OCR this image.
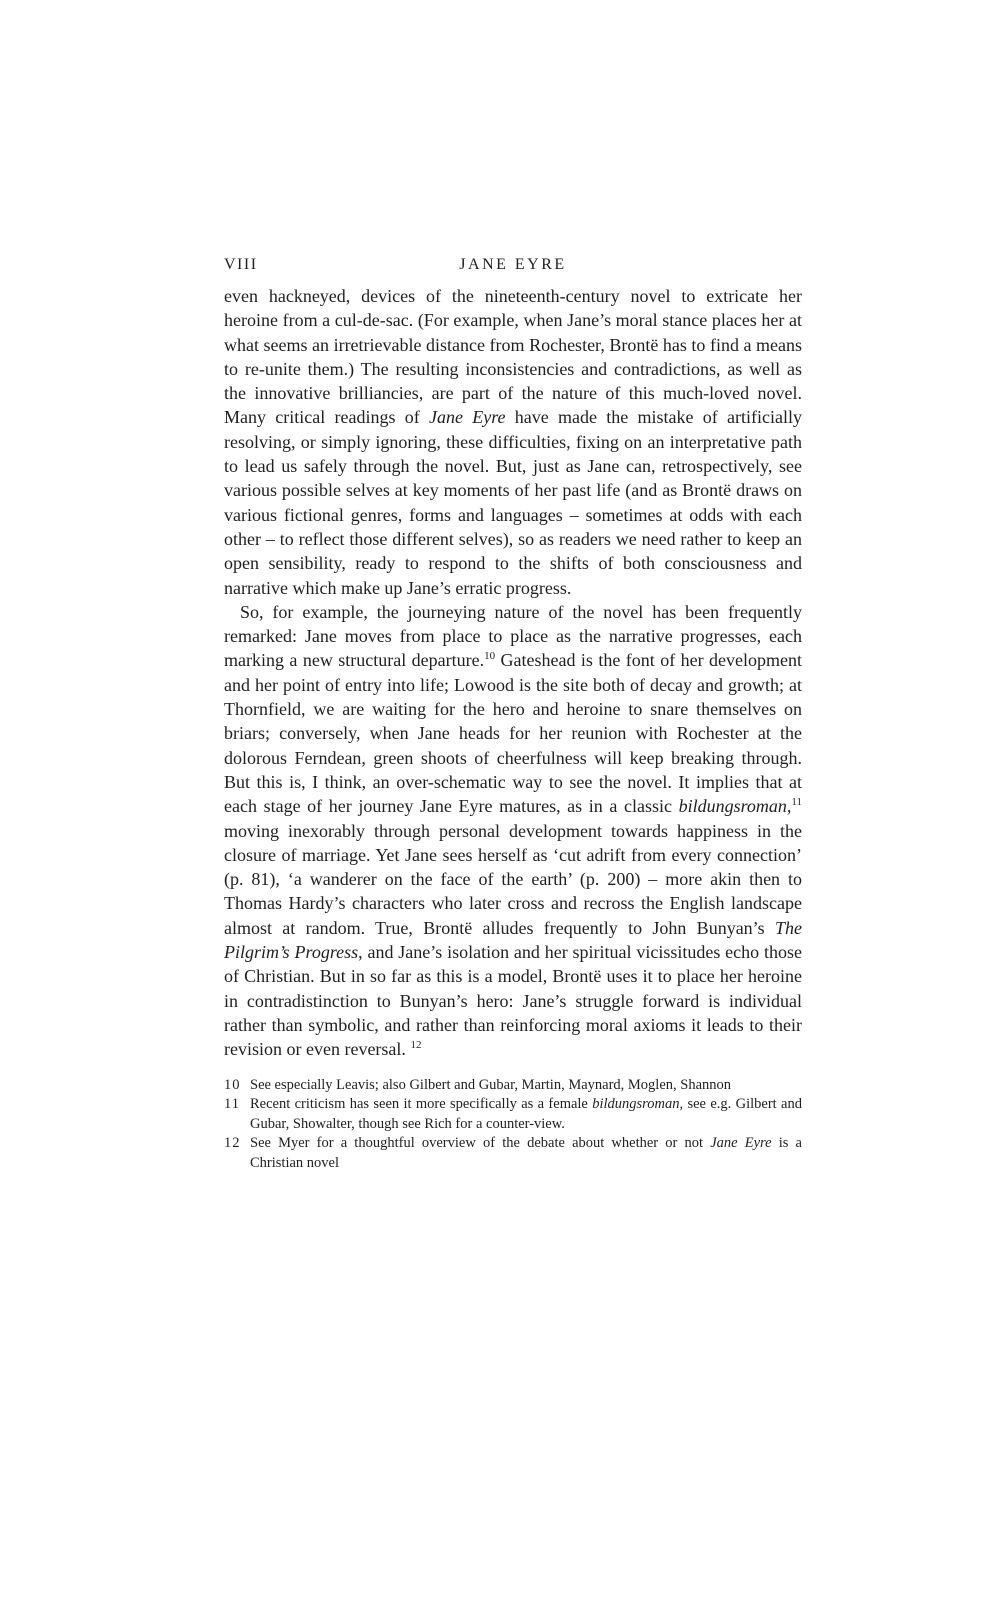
VIII	JANE EYRE

even hackneyed, devices of the nineteenth-century novel to extricate her heroine from a cul-de-sac. (For example, when Jane’s moral stance places her at what seems an irretrievable distance from Rochester, Brontë has to find a means to re-unite them.) The resulting inconsistencies and contradictions, as well as the innovative brilliancies, are part of the nature of this much-loved novel. Many critical readings of Jane Eyre have made the mistake of artificially resolving, or simply ignoring, these difficulties, fixing on an interpretative path to lead us safely through the novel. But, just as Jane can, retrospectively, see various possible selves at key moments of her past life (and as Brontë draws on various fictional genres, forms and languages – sometimes at odds with each other – to reflect those different selves), so as readers we need rather to keep an open sensibility, ready to respond to the shifts of both consciousness and narrative which make up Jane’s erratic progress.

So, for example, the journeying nature of the novel has been frequently remarked: Jane moves from place to place as the narrative progresses, each marking a new structural departure.$^{10}$ Gateshead is the font of her development and her point of entry into life; Lowood is the site both of decay and growth; at Thornfield, we are waiting for the hero and heroine to snare themselves on briars; conversely, when Jane heads for her reunion with Rochester at the dolorous Ferndean, green shoots of cheerfulness will keep breaking through. But this is, I think, an over-schematic way to see the novel. It implies that at each stage of her journey Jane Eyre matures, as in a classic bildungsroman,$^{11}$ moving inexorably through personal development towards happiness in the closure of marriage. Yet Jane sees herself as ‘cut adrift from every connection’ (p. 81), ‘a wanderer on the face of the earth’ (p. 200) – more akin then to Thomas Hardy’s characters who later cross and recross the English landscape almost at random. True, Brontë alludes frequently to John Bunyan’s The Pilgrim’s Progress, and Jane’s isolation and her spiritual vicissitudes echo those of Christian. But in so far as this is a model, Brontë uses it to place her heroine in contradistinction to Bunyan’s hero: Jane’s struggle forward is individual rather than symbolic, and rather than reinforcing moral axioms it leads to their revision or even reversal. $^{12}$

10 See especially Leavis; also Gilbert and Gubar, Martin, Maynard, Moglen, Shannon
11 Recent criticism has seen it more specifically as a female bildungsroman, see e.g. Gilbert and Gubar, Showalter, though see Rich for a counter-view.
12 See Myer for a thoughtful overview of the debate about whether or not Jane Eyre is a Christian novel
